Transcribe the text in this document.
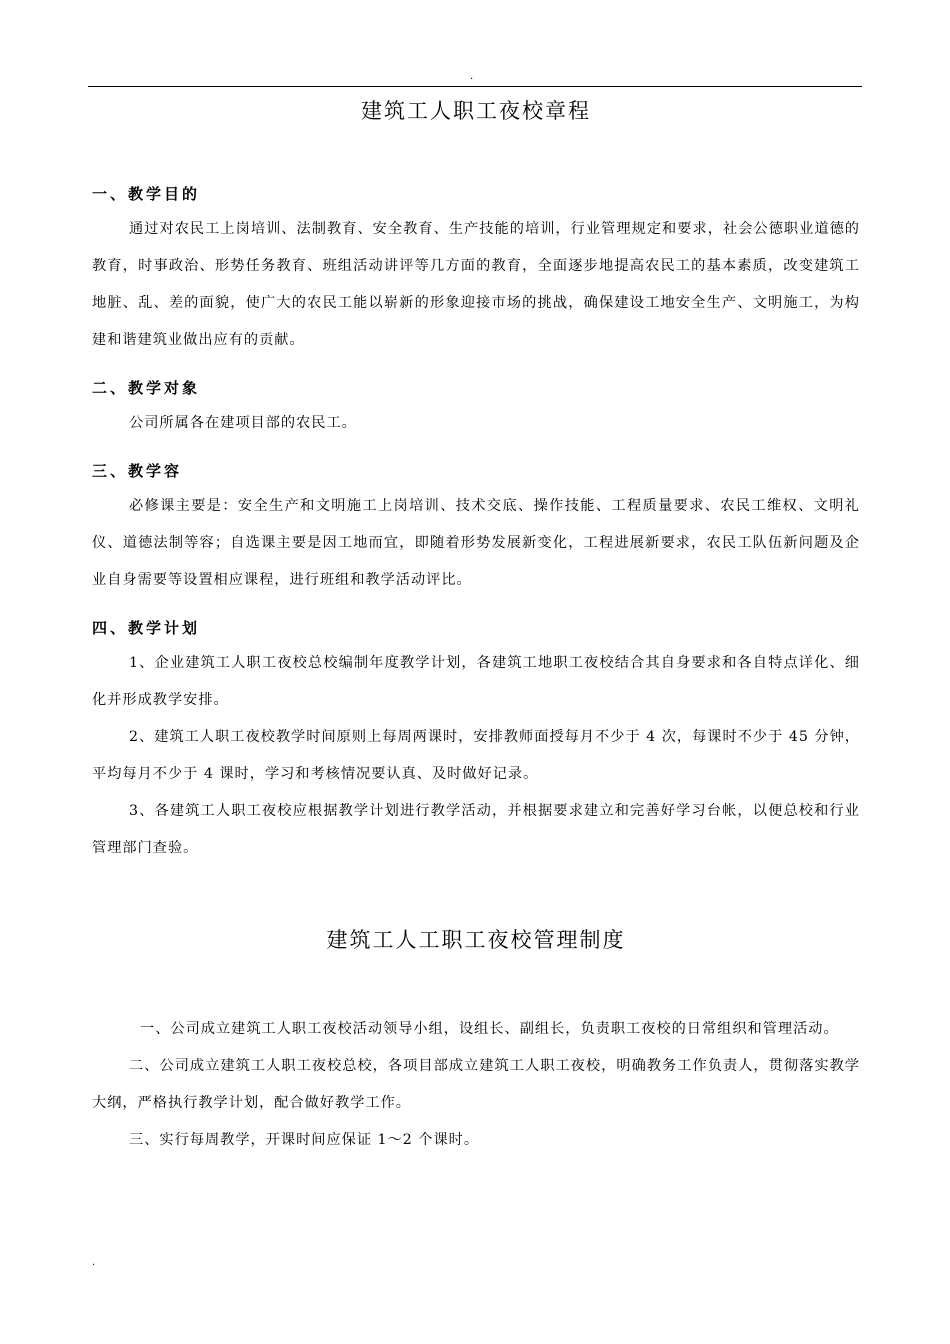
.
建筑工人职工夜校章程
一、教学目的

通过对农民工上岗培训、法制教育、安全教育、生产技能的培训，行业管理规定和要求，社会公德职业道德的教育，时事政治、形势任务教育、班组活动讲评等几方面的教育，全面逐步地提高农民工的基本素质，改变建筑工地脏、乱、差的面貌，使广大的农民工能以崭新的形象迎接市场的挑战，确保建设工地安全生产、文明施工，为构建和谐建筑业做出应有的贡献。

二、教学对象

公司所属各在建项目部的农民工。

三、教学容

必修课主要是：安全生产和文明施工上岗培训、技术交底、操作技能、工程质量要求、农民工维权、文明礼仪、道德法制等容；自选课主要是因工地而宜，即随着形势发展新变化，工程进展新要求，农民工队伍新问题及企业自身需要等设置相应课程，进行班组和教学活动评比。

四、教学计划

1、企业建筑工人职工夜校总校编制年度教学计划，各建筑工地职工夜校结合其自身要求和各自特点详化、细化并形成教学安排。

2、建筑工人职工夜校教学时间原则上每周两课时，安排教师面授每月不少于 4 次，每课时不少于 45 分钟，平均每月不少于 4 课时，学习和考核情况要认真、及时做好记录。

3、各建筑工人职工夜校应根据教学计划进行教学活动，并根据要求建立和完善好学习台帐，以便总校和行业管理部门查验。

建筑工人工职工夜校管理制度

一、公司成立建筑工人职工夜校活动领导小组，设组长、副组长，负责职工夜校的日常组织和管理活动。

二、公司成立建筑工人职工夜校总校，各项目部成立建筑工人职工夜校，明确教务工作负责人，贯彻落实教学大纲，严格执行教学计划，配合做好教学工作。

三、实行每周教学，开课时间应保证 1～2 个课时。

.
